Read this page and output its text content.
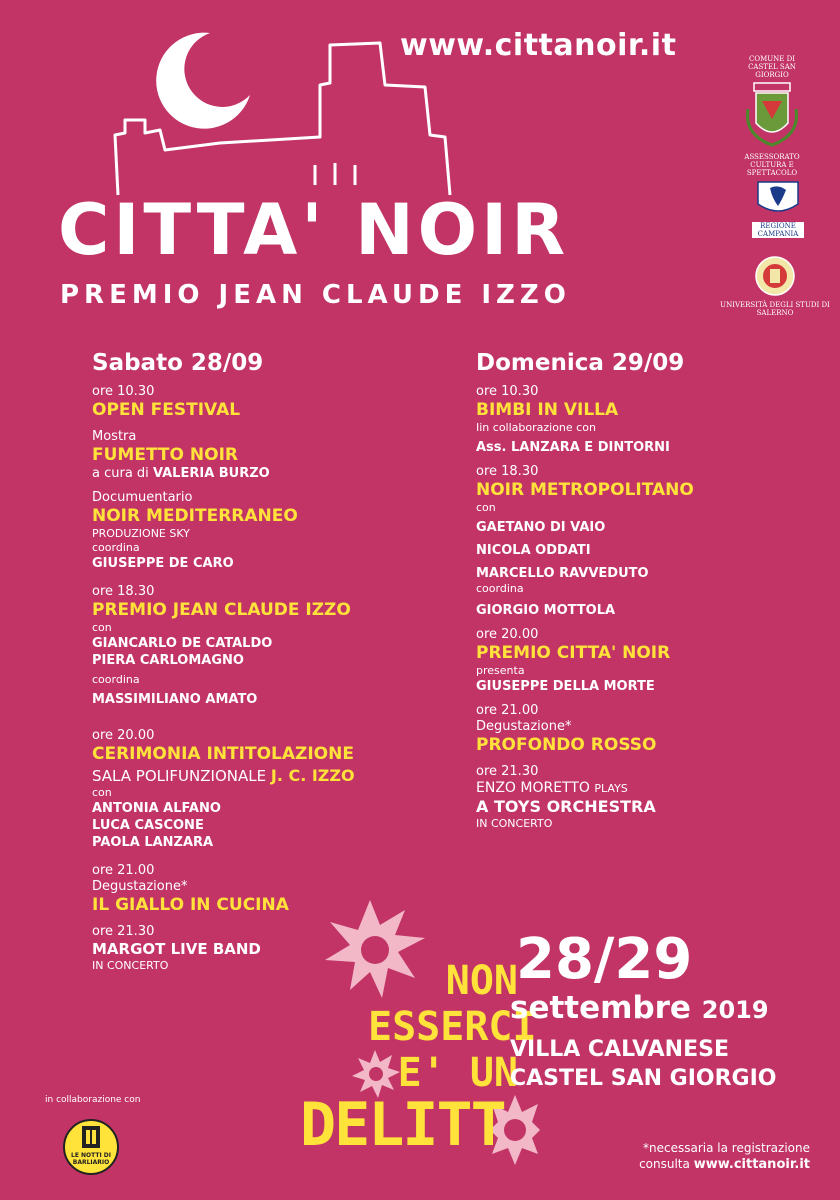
www.cittanoir.it
CITTA' NOIR
PREMIO JEAN CLAUDE IZZO
COMUNE DI CASTEL SAN GIORGIO
ASSESSORATO CULTURA E SPETTACOLO
REGIONE CAMPANIA
UNIVERSITÀ DEGLI STUDI DI SALERNO
Sabato 28/09
ore 10.30
OPEN FESTIVAL
Mostra
FUMETTO NOIR
a cura di VALERIA BURZO
Documuentario
NOIR MEDITERRANEO
PRODUZIONE SKY
coordina
GIUSEPPE DE CARO
ore 18.30
PREMIO JEAN CLAUDE IZZO
con
GIANCARLO DE CATALDO
PIERA CARLOMAGNO
coordina
MASSIMILIANO AMATO
ore 20.00
CERIMONIA INTITOLAZIONE
SALA POLIFUNZIONALE J. C. IZZO
con
ANTONIA ALFANO
LUCA CASCONE
PAOLA LANZARA
ore 21.00
Degustazione*
IL GIALLO IN CUCINA
ore 21.30
MARGOT LIVE BAND
IN CONCERTO
Domenica 29/09
ore 10.30
BIMBI IN VILLA
Iin collaborazione con
Ass. LANZARA E DINTORNI
ore 18.30
NOIR METROPOLITANO
con
GAETANO DI VAIO
NICOLA ODDATI
MARCELLO RAVVEDUTO
coordina
GIORGIO MOTTOLA
ore 20.00
PREMIO CITTA' NOIR
presenta
GIUSEPPE DELLA MORTE
ore 21.00
Degustazione*
PROFONDO ROSSO
ore 21.30
ENZO MORETTO PLAYS
A TOYS ORCHESTRA
IN CONCERTO
NON
ESSERCI
E' UN
DELITT
28/29
settembre 2019
VILLA CALVANESE
CASTEL SAN GIORGIO
in collaborazione con
LE NOTTI DI BARLIARIO
*necessaria la registrazione
consulta www.cittanoir.it
